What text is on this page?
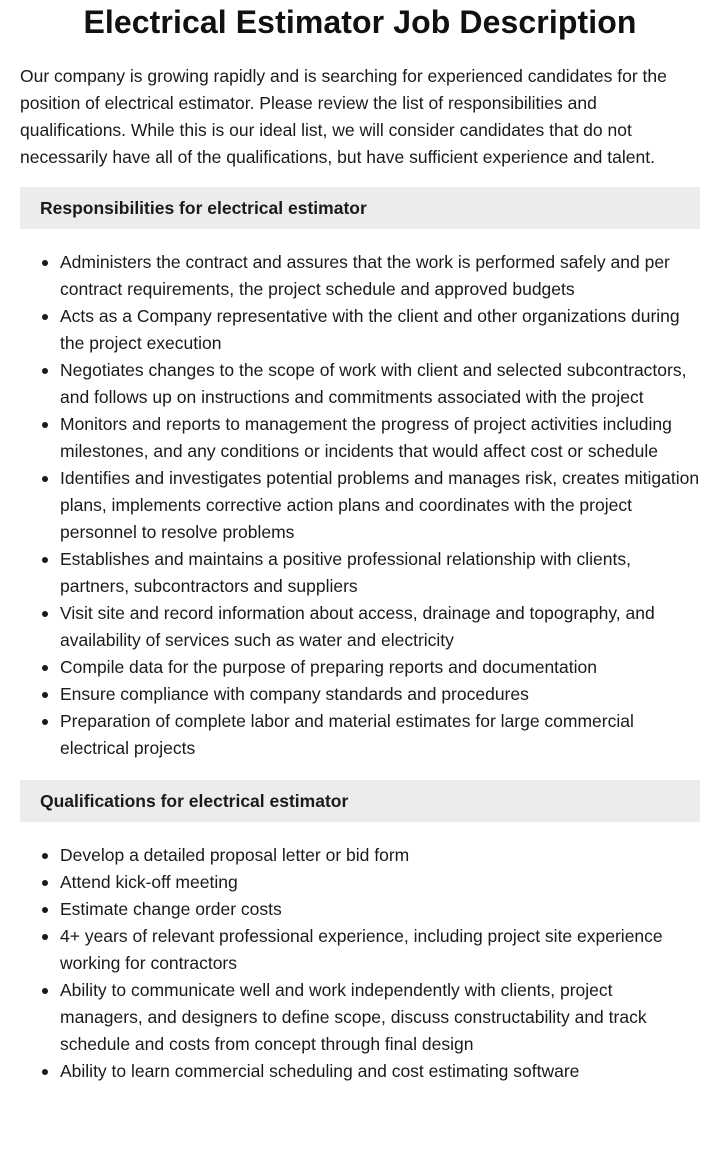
Electrical Estimator Job Description

Our company is growing rapidly and is searching for experienced candidates for the position of electrical estimator. Please review the list of responsibilities and qualifications. While this is our ideal list, we will consider candidates that do not necessarily have all of the qualifications, but have sufficient experience and talent.

Responsibilities for electrical estimator
Administers the contract and assures that the work is performed safely and per contract requirements, the project schedule and approved budgets
Acts as a Company representative with the client and other organizations during the project execution
Negotiates changes to the scope of work with client and selected subcontractors, and follows up on instructions and commitments associated with the project
Monitors and reports to management the progress of project activities including milestones, and any conditions or incidents that would affect cost or schedule
Identifies and investigates potential problems and manages risk, creates mitigation plans, implements corrective action plans and coordinates with the project personnel to resolve problems
Establishes and maintains a positive professional relationship with clients, partners, subcontractors and suppliers
Visit site and record information about access, drainage and topography, and availability of services such as water and electricity
Compile data for the purpose of preparing reports and documentation
Ensure compliance with company standards and procedures
Preparation of complete labor and material estimates for large commercial electrical projects
Qualifications for electrical estimator
Develop a detailed proposal letter or bid form
Attend kick-off meeting
Estimate change order costs
4+ years of relevant professional experience, including project site experience working for contractors
Ability to communicate well and work independently with clients, project managers, and designers to define scope, discuss constructability and track schedule and costs from concept through final design
Ability to learn commercial scheduling and cost estimating software
